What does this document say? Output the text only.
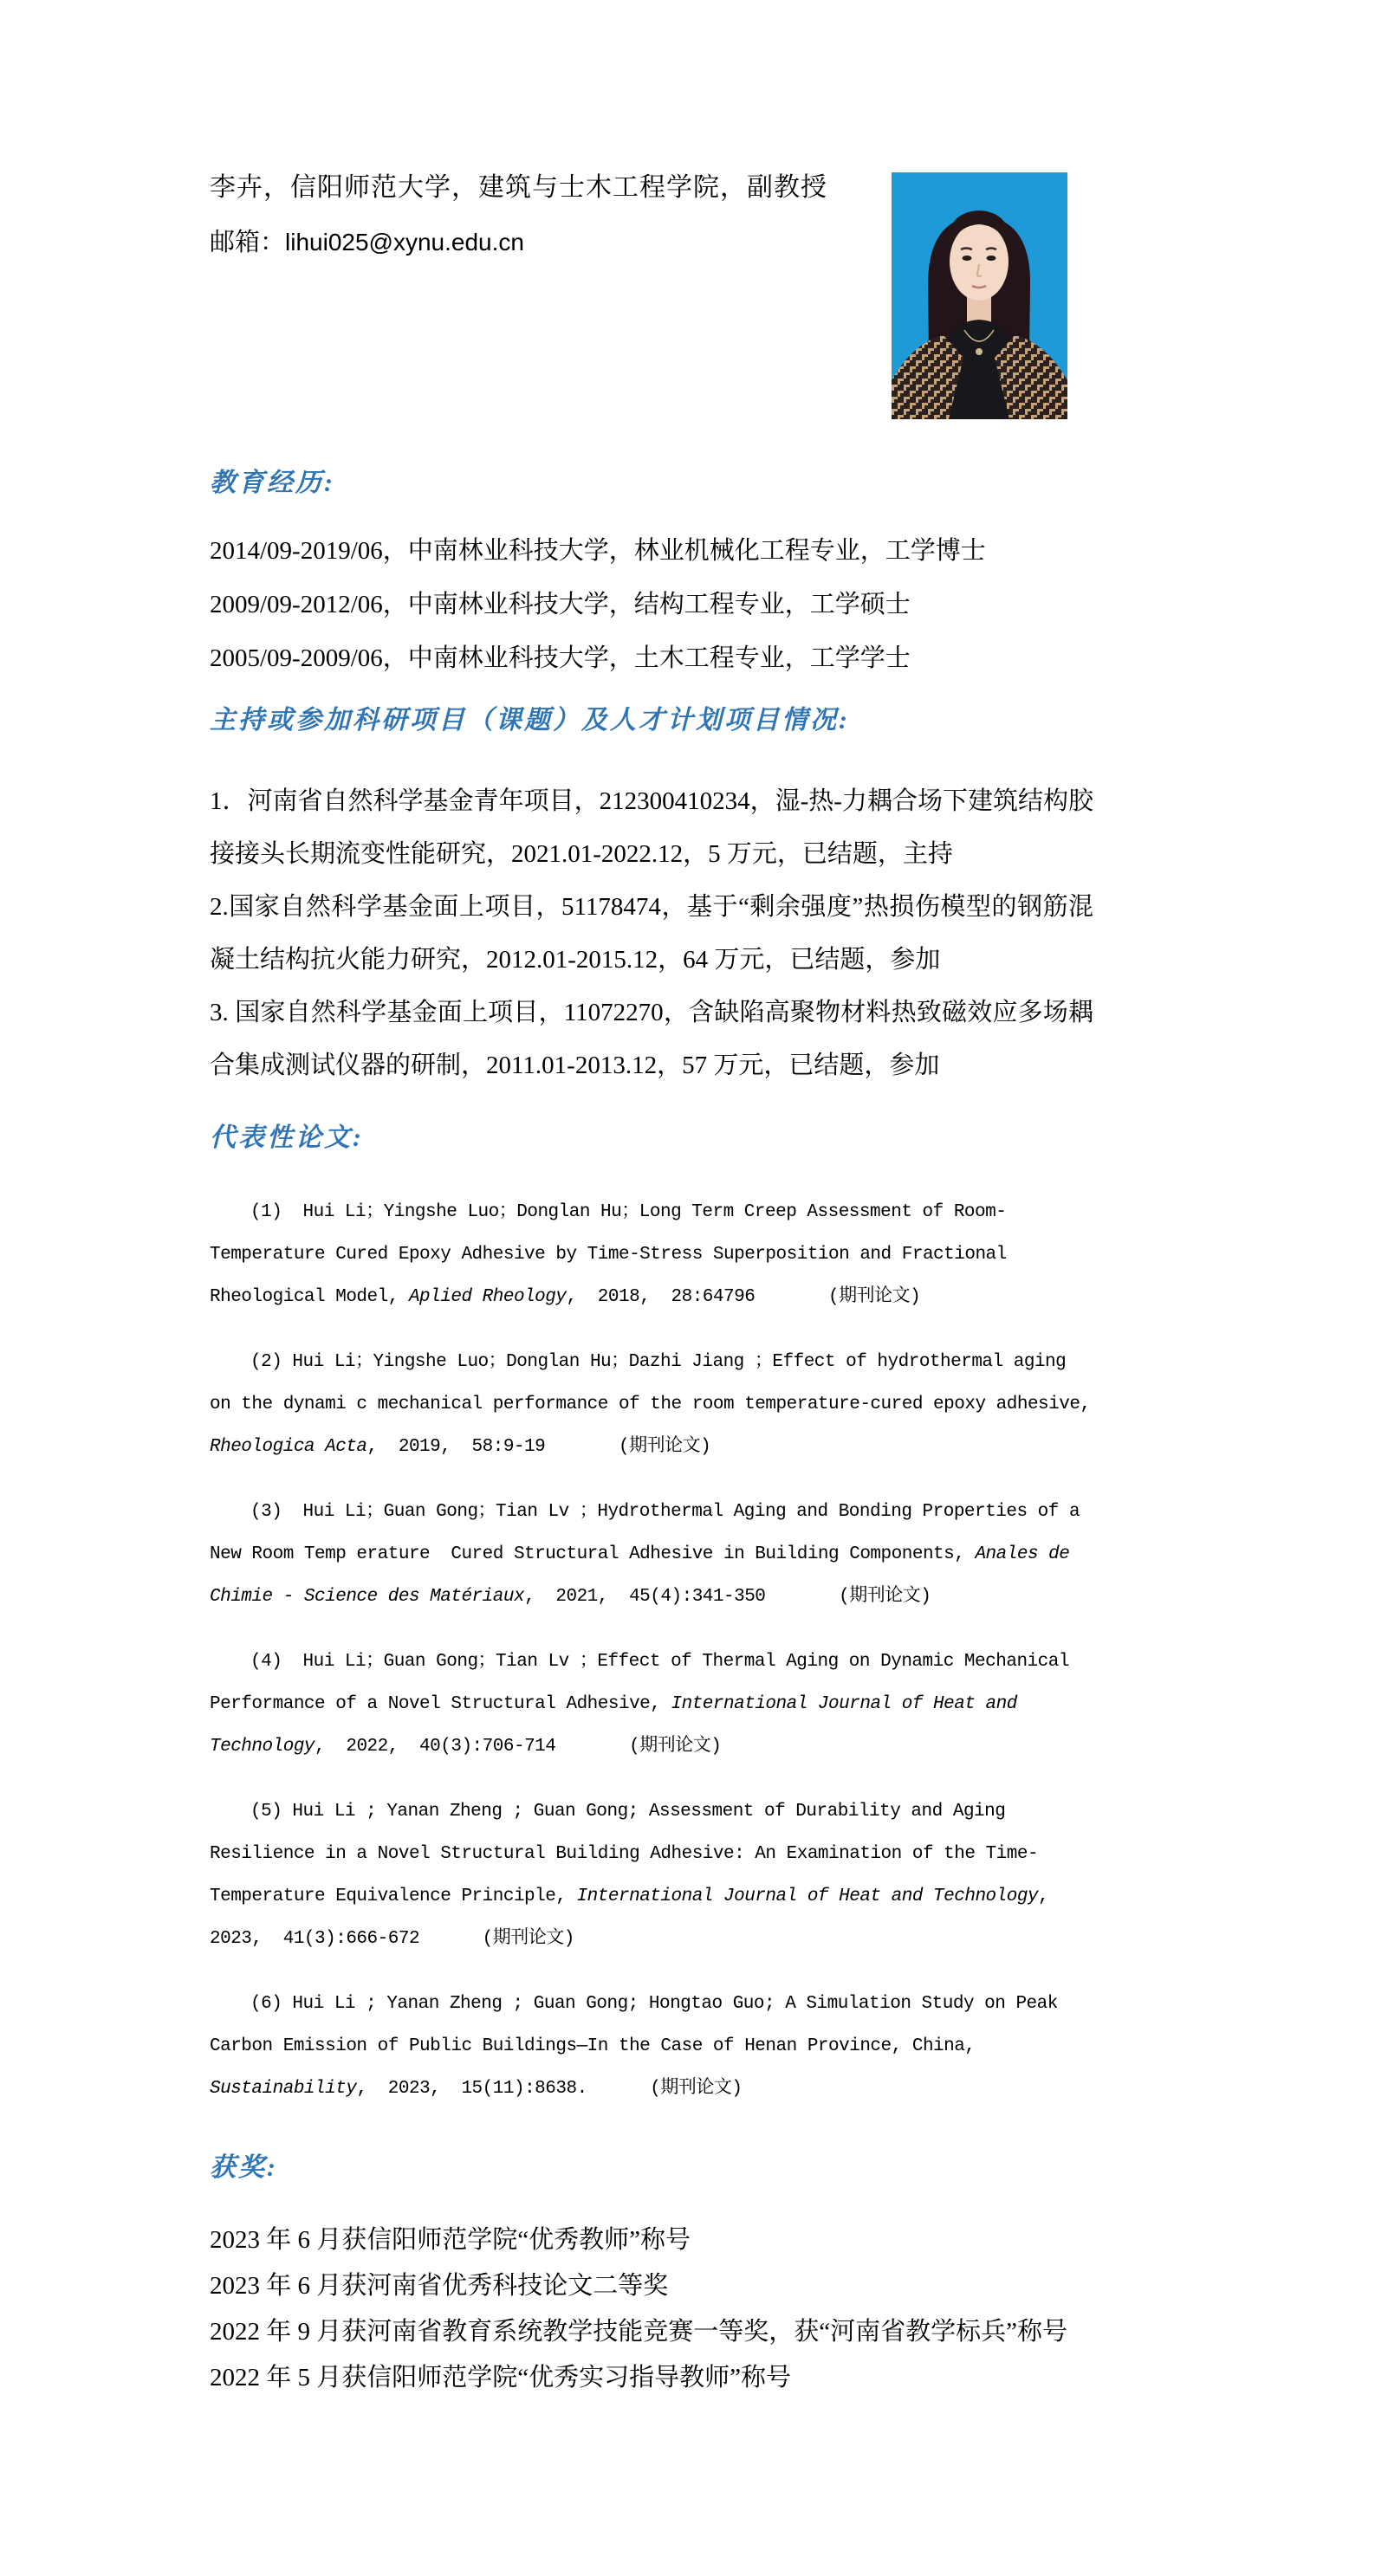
李卉，信阳师范大学，建筑与士木工程学院，副教授

邮箱：lihui025@xynu.edu.cn

教育经历:

2014/09-2019/06，中南林业科技大学，林业机械化工程专业，工学博士

2009/09-2012/06，中南林业科技大学，结构工程专业，工学硕士

2005/09-2009/06，中南林业科技大学，土木工程专业，工学学士

主持或参加科研项目（课题）及人才计划项目情况:

1．河南省自然科学基金青年项目，212300410234，湿-热-力耦合场下建筑结构胶接接头长期流变性能研究，2021.01-2022.12，5 万元，已结题，主持

2.国家自然科学基金面上项目，51178474，基于“剩余强度”热损伤模型的钢筋混凝土结构抗火能力研究，2012.01-2015.12，64 万元，已结题，参加

3. 国家自然科学基金面上项目，11072270，含缺陷高聚物材料热致磁效应多场耦合集成测试仪器的研制，2011.01-2013.12，57 万元，已结题，参加

代表性论文:

(1)  Hui Li；Yingshe Luo；Donglan Hu；Long Term Creep Assessment of Room-Temperature Cured Epoxy Adhesive by Time-Stress Superposition and Fractional Rheological Model, Aplied Rheology,  2018,  28:64796       (期刊论文)

(2) Hui Li；Yingshe Luo；Donglan Hu；Dazhi Jiang ；Effect of hydrothermal aging on the dynami c mechanical performance of the room temperature-cured epoxy adhesive, Rheologica Acta,  2019,  58:9-19       (期刊论文)

(3)  Hui Li；Guan Gong；Tian Lv ；Hydrothermal Aging and Bonding Properties of a New Room Temp erature  Cured Structural Adhesive in Building Components, Anales de Chimie - Science des Matériaux,  2021,  45(4):341-350       (期刊论文)

(4)  Hui Li；Guan Gong；Tian Lv ；Effect of Thermal Aging on Dynamic Mechanical Performance of a Novel Structural Adhesive, International Journal of Heat and Technology,  2022,  40(3):706-714       (期刊论文)

(5) Hui Li ; Yanan Zheng ; Guan Gong; Assessment of Durability and Aging Resilience in a Novel Structural Building Adhesive: An Examination of the Time-Temperature Equivalence Principle, International Journal of Heat and Technology,  2023,  41(3):666-672      (期刊论文)

(6) Hui Li ; Yanan Zheng ; Guan Gong; Hongtao Guo; A Simulation Study on Peak Carbon Emission of Public Buildings—In the Case of Henan Province, China, Sustainability,  2023,  15(11):8638.      (期刊论文)

获奖:

2023 年 6 月获信阳师范学院“优秀教师”称号

2023 年 6 月获河南省优秀科技论文二等奖

2022 年 9 月获河南省教育系统教学技能竞赛一等奖，获“河南省教学标兵”称号

2022 年 5 月获信阳师范学院“优秀实习指导教师”称号
